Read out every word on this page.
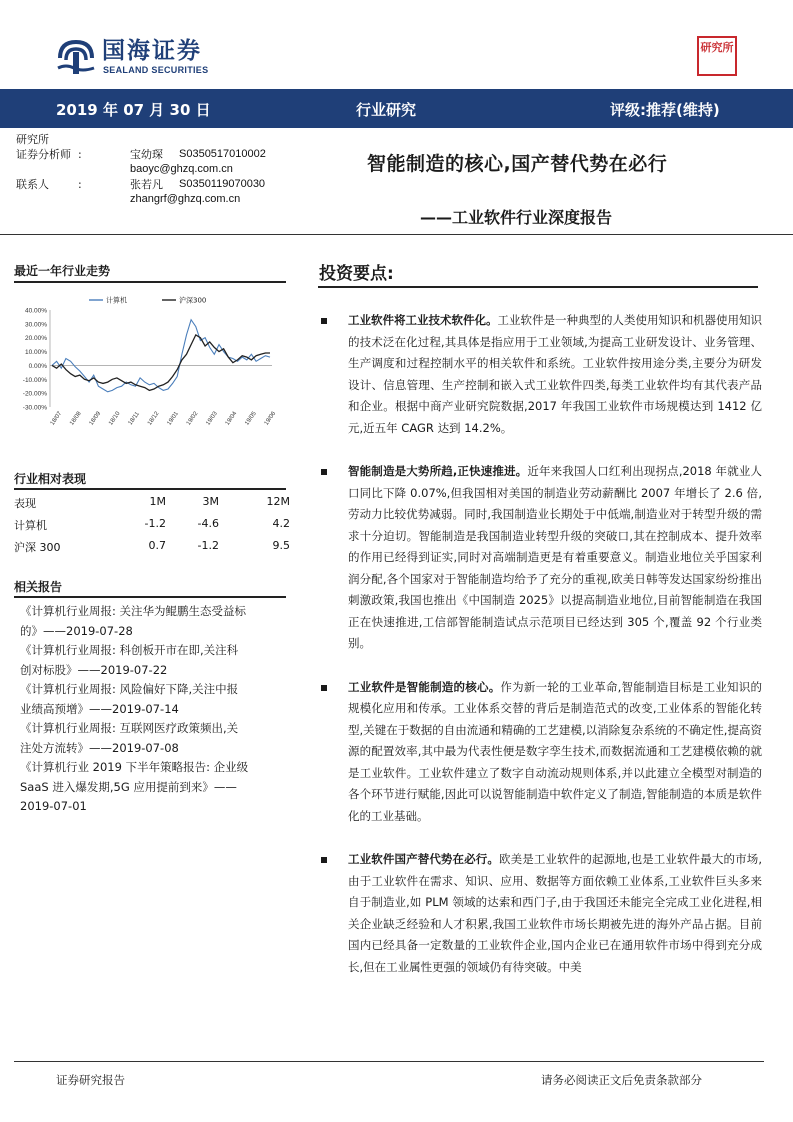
国海证券
SEALAND SECURITIES
研究所
2019 年 07 月 30 日	行业研究	评级:推荐(维持)
研究所
证券分析师 :	宝幼琛 S0350517010002
baoyc@ghzq.com.cn
联系人	:	张若凡 S0350119070030
zhangrf@ghzq.com.cn
智能制造的核心,国产替代势在必行
——工业软件行业深度报告
最近一年行业走势
40.00%
30.00%
20.00%
10.00%
0.00%
-10.00%
-20.00%
-30.00%
18/07 18/08 18/09 18/10 18/11 18/12 19/01 19/02 19/03 19/04 19/05 19/06
计算机	沪深300
行业相对表现
表现	1M	3M	12M
计算机	-1.2	-4.6	4.2
沪深 300	0.7	-1.2	9.5
相关报告

《计算机行业周报: 关注华为鲲鹏生态受益标

的》——2019-07-28

《计算机行业周报: 科创板开市在即,关注科

创对标股》——2019-07-22

《计算机行业周报: 风险偏好下降,关注中报

业绩高预增》——2019-07-14

《计算机行业周报: 互联网医疗政策频出,关

注处方流转》——2019-07-08

《计算机行业 2019 下半年策略报告: 企业级

SaaS 进入爆发期,5G 应用提前到来》——

2019-07-01

投资要点:
工业软件将工业技术软件化。工业软件是一种典型的人类使用知识和机器使用知识的技术泛在化过程,其具体是指应用于工业领域,为提高工业研发设计、业务管理、生产调度和过程控制水平的相关软件和系统。工业软件按用途分类,主要分为研发设计、信息管理、生产控制和嵌入式工业软件四类,每类工业软件均有其代表产品和企业。根据中商产业研究院数据,2017 年我国工业软件市场规模达到 1412 亿元,近五年 CAGR 达到 14.2%。
智能制造是大势所趋,正快速推进。近年来我国人口红利出现拐点,2018 年就业人口同比下降 0.07%,但我国相对美国的制造业劳动薪酬比 2007 年增长了 2.6 倍,劳动力比较优势减弱。同时,我国制造业长期处于中低端,制造业对于转型升级的需求十分迫切。智能制造是我国制造业转型升级的突破口,其在控制成本、提升效率的作用已经得到证实,同时对高端制造更是有着重要意义。制造业地位关乎国家利润分配,各个国家对于智能制造均给予了充分的重视,欧美日韩等发达国家纷纷推出刺激政策,我国也推出《中国制造 2025》以提高制造业地位,目前智能制造在我国正在快速推进,工信部智能制造试点示范项目已经达到 305 个,覆盖 92 个行业类别。
工业软件是智能制造的核心。作为新一轮的工业革命,智能制造目标是工业知识的规模化应用和传承。工业体系交替的背后是制造范式的改变,工业体系的智能化转型,关键在于数据的自由流通和精确的工艺建模,以消除复杂系统的不确定性,提高资源的配置效率,其中最为代表性便是数字孪生技术,而数据流通和工艺建模依赖的就是工业软件。工业软件建立了数字自动流动规则体系,并以此建立全模型对制造的各个环节进行赋能,因此可以说智能制造中软件定义了制造,智能制造的本质是软件化的工业基础。
工业软件国产替代势在必行。欧美是工业软件的起源地,也是工业软件最大的市场,由于工业软件在需求、知识、应用、数据等方面依赖工业体系,工业软件巨头多来自于制造业,如 PLM 领域的达索和西门子,由于我国还未能完全完成工业化进程,相关企业缺乏经验和人才积累,我国工业软件市场长期被先进的海外产品占据。目前国内已经具备一定数量的工业软件企业,国内企业已在通用软件市场中得到充分成长,但在工业属性更强的领域仍有待突破。中美
证券研究报告	请务必阅读正文后免责条款部分
